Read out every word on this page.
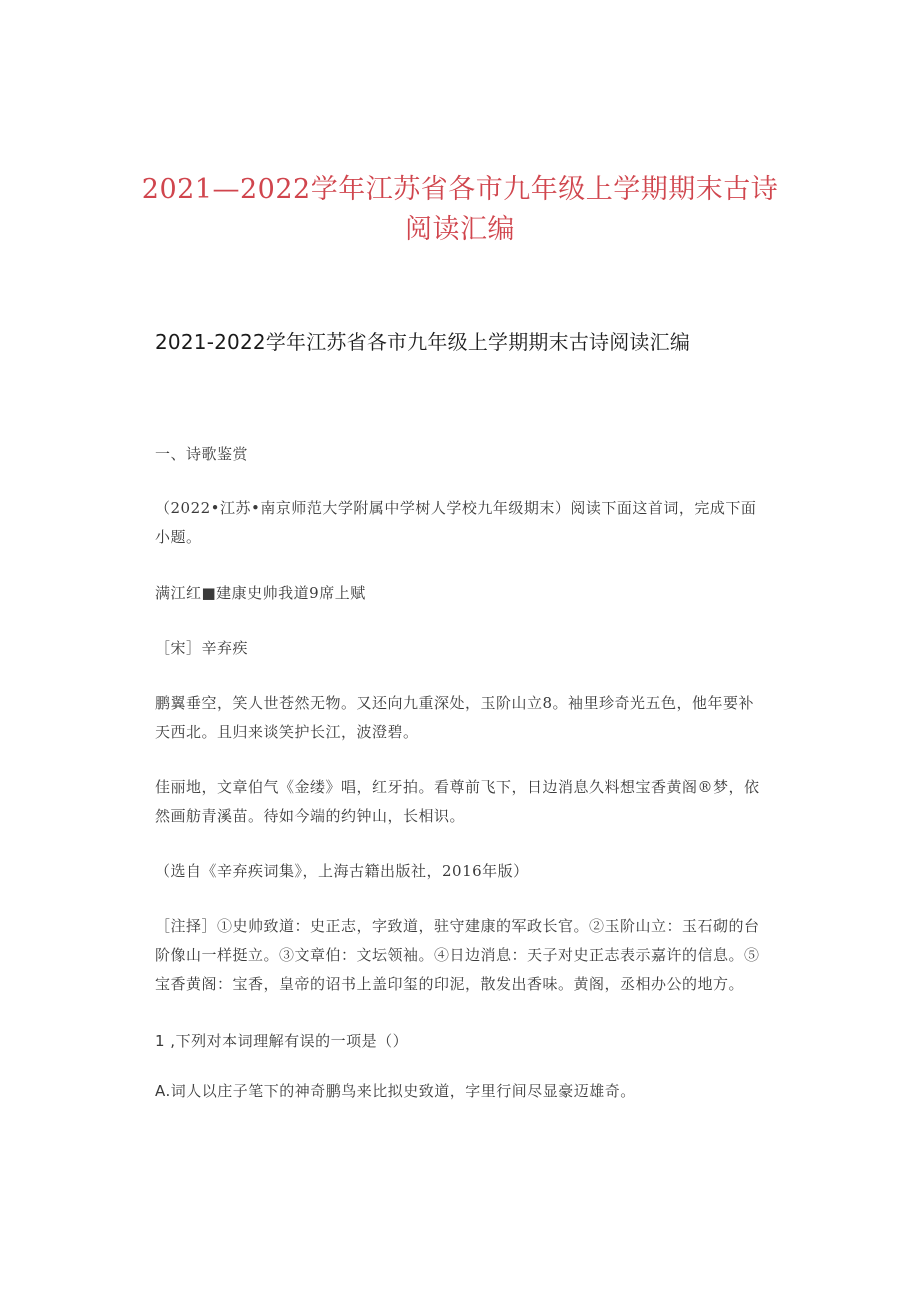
2021—2022学年江苏省各市九年级上学期期末古诗阅读汇编
2021-2022学年江苏省各市九年级上学期期末古诗阅读汇编
一、诗歌鉴赏
（2022•江苏•南京师范大学附属中学树人学校九年级期末）阅读下面这首词，完成下面小题。
满江红■建康史帅我道9席上赋
［宋］辛弃疾
鹏翼垂空，笑人世苍然无物。又还向九重深处，玉阶山立8。袖里珍奇光五色，他年要补天西北。且归来谈笑护长江，波澄碧。
佳丽地，文章伯气《金缕》唱，红牙拍。看尊前飞下，日边消息久料想宝香黄阁®梦，依然画舫青溪苗。待如今端的约钟山，长相识。
（选自《辛弃疾词集》，上海古籍出版社，2016年版）
［注择］①史帅致道：史正志，字致道，驻守建康的军政长官。②玉阶山立：玉石砌的台阶像山一样挺立。③文章伯：文坛领袖。④日边消息：天子对史正志表示嘉许的信息。⑤宝香黄阁：宝香，皇帝的诏书上盖印玺的印泥，散发出香味。黄阁，丞相办公的地方。
1 ,下列对本词理解有误的一项是（）
A.词人以庄子笔下的神奇鹏鸟来比拟史致道，字里行间尽显豪迈雄奇。
